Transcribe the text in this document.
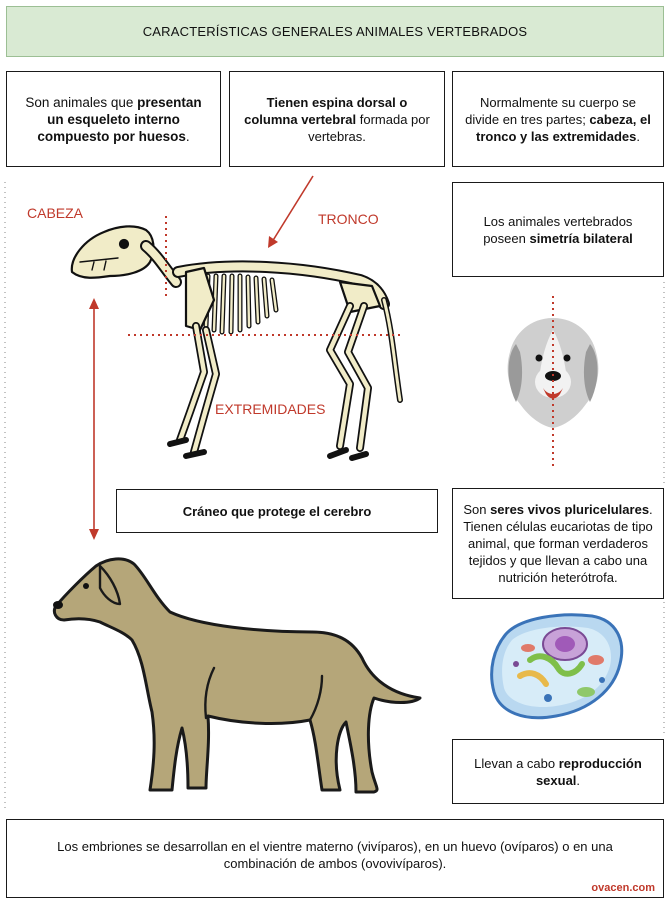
CARACTERÍSTICAS GENERALES ANIMALES VERTEBRADOS
Son animales que presentan un esqueleto interno compuesto por huesos.
Tienen espina dorsal o columna vertebral formada por vertebras.
Normalmente su cuerpo se divide en tres partes; cabeza, el tronco y las extremidades.
Los animales vertebrados poseen simetría bilateral
Cráneo que protege el cerebro	Son seres vivos pluricelulares. Tienen células eucariotas de tipo animal, que forman verdaderos tejidos y que llevan a cabo una nutrición heterótrofa.
Llevan a cabo reproducción sexual.
Los embriones se desarrollan en el vientre materno (vivíparos), en un huevo (ovíparos) o en una combinación de ambos (ovovivíparos).
ovacen.com
CABEZA	TRONCO
EXTREMIDADES
